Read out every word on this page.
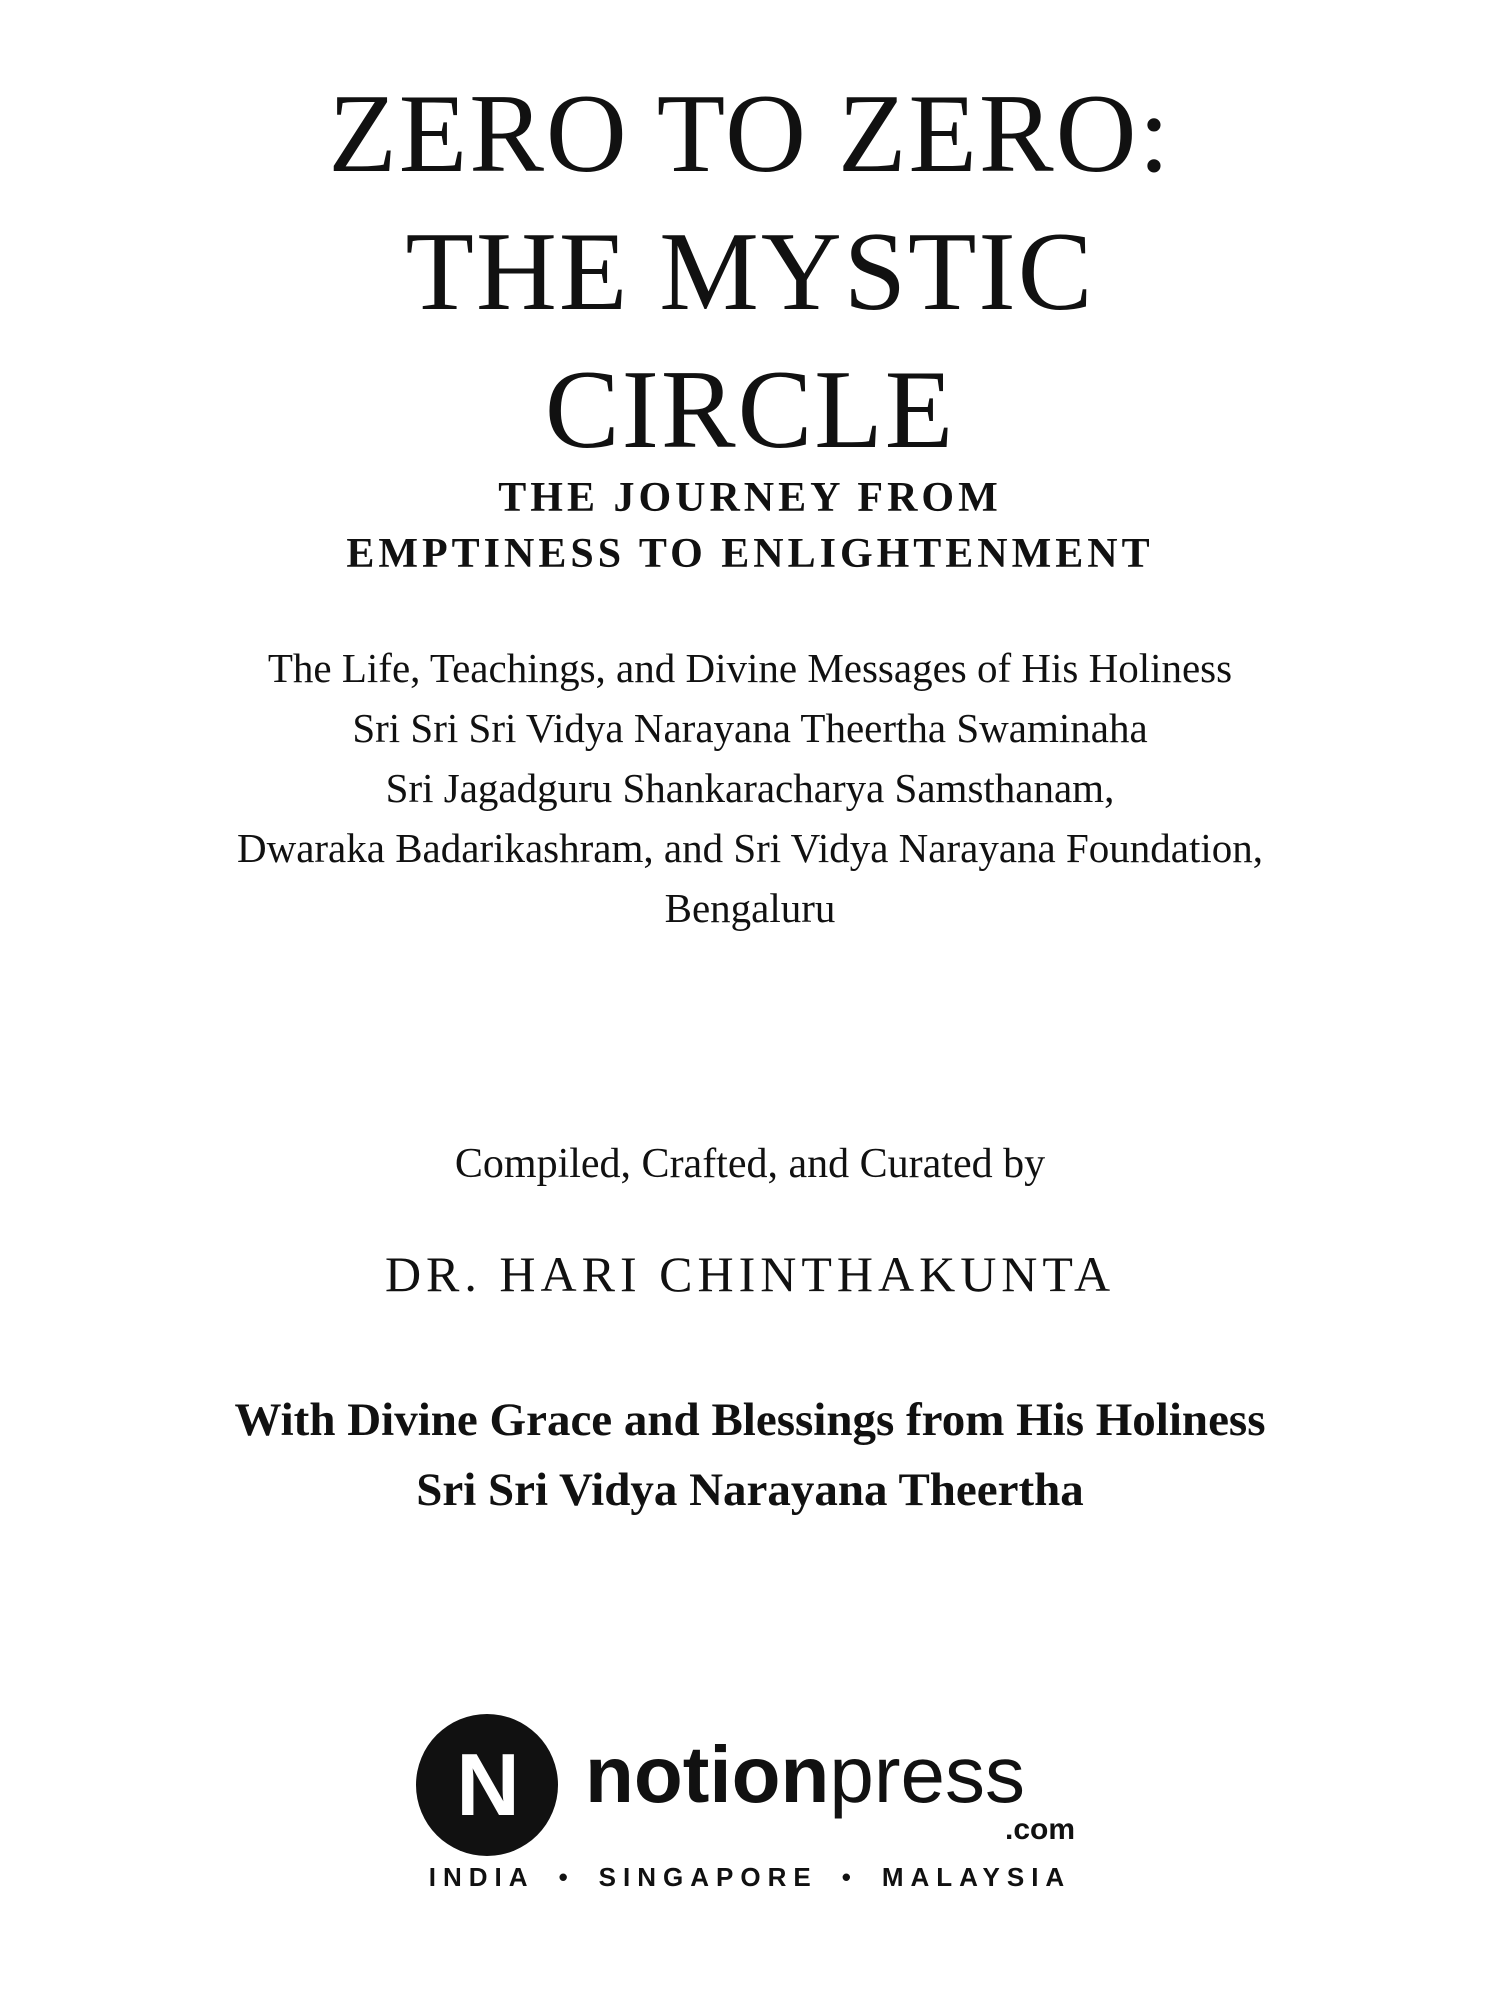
ZERO TO ZERO:
THE MYSTIC
CIRCLE
THE JOURNEY FROM
EMPTINESS TO ENLIGHTENMENT
The Life, Teachings, and Divine Messages of His Holiness
Sri Sri Sri Vidya Narayana Theertha Swaminaha
Sri Jagadguru Shankaracharya Samsthanam,
Dwaraka Badarikashram, and Sri Vidya Narayana Foundation,
Bengaluru
Compiled, Crafted, and Curated by
DR. HARI CHINTHAKUNTA
With Divine Grace and Blessings from His Holiness
Sri Sri Vidya Narayana Theertha
N notionpress
.com
INDIA • SINGAPORE • MALAYSIA
